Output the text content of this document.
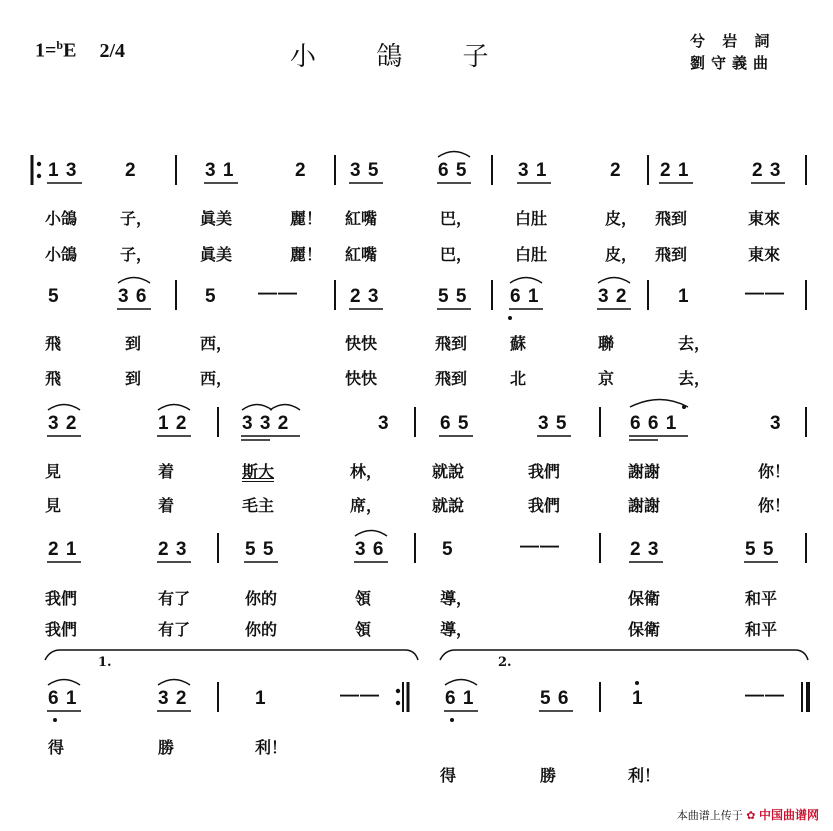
1=$^b$E 2/4	小 鴿 子
兮 岩 詞
劉守義曲
1 3	2	3 1	2 3 5	6 5	3 1	2 2 1	2 3
小鴿	子，	眞美	麗！ 紅嘴	巴，	白肚	皮， 飛到	東來
小鴿	子，	眞美	麗！ 紅嘴	巴，	白肚	皮， 飛到	東來
5	3 6	5 ——	2 3	5 5 6 1	3 2	1	——
飛	到	西，	快快	飛到	蘇	聯	去，
飛	到	西，	快快	飛到	北	京	去，
3 2	1 2	3 3 2	3	6 5	3 5	6 6 1	3
見	着	斯大	林，	就說	我們	謝謝	你！
見	着	毛主	席，	就說	我們	謝謝	你！
2 1	2 3	5 5	3 6	5	——	2 3	5 5
我們	有了	你的	領	導，	保衛	和平
我們	有了	你的	領	導，	保衛	和平
1.	2.
6 1	3 2	1	——	6 1	5 6	1	——
得	勝	利！
得	勝	利！
本曲谱上传于 ✿ 中国曲谱网
